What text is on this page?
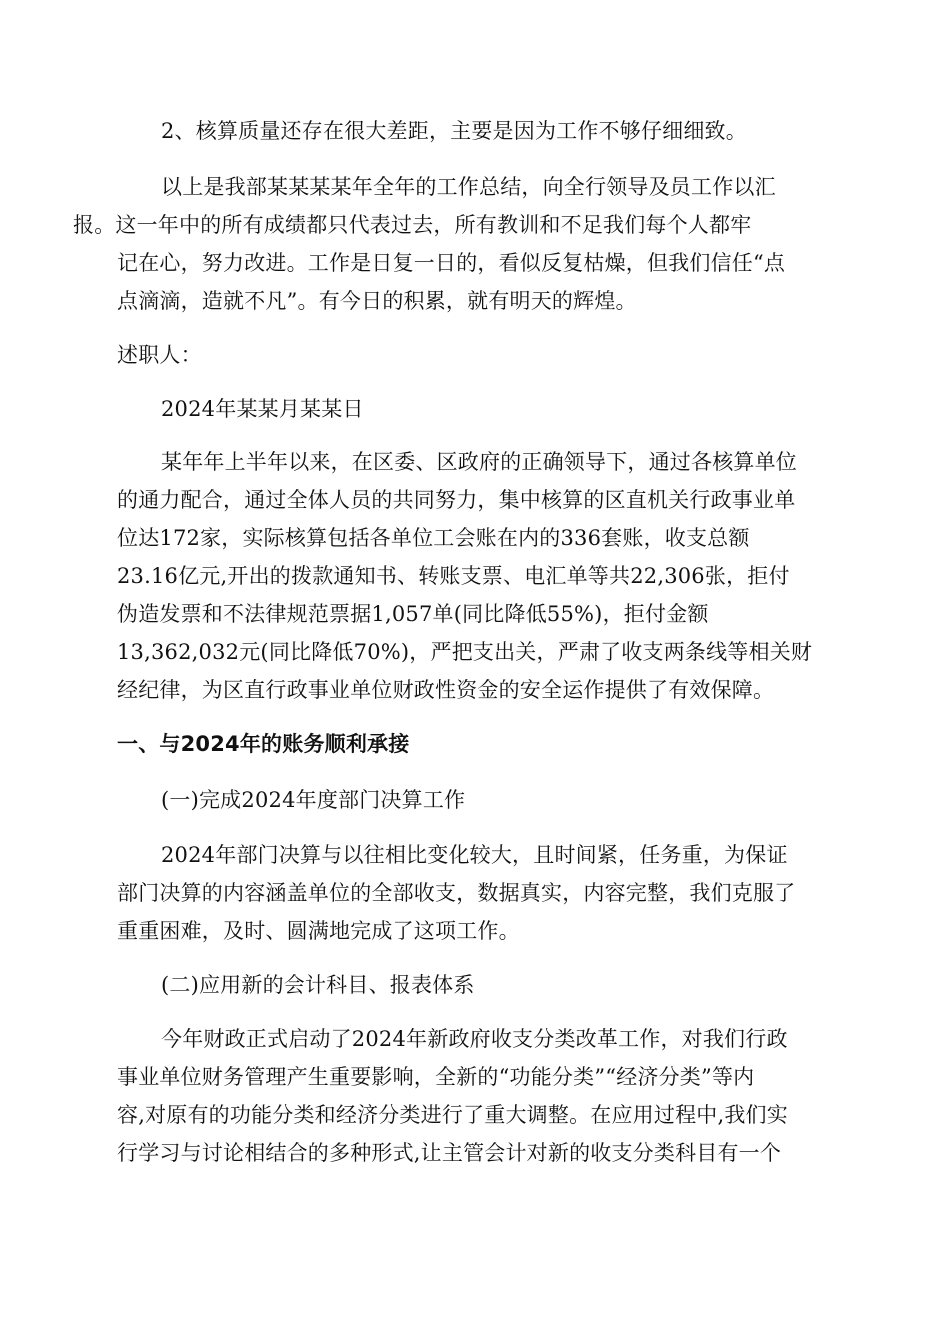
2、核算质量还存在很大差距，主要是因为工作不够仔细细致。

以上是我部某某某某年全年的工作总结，向全行领导及员工作以汇
报。这一年中的所有成绩都只代表过去，所有教训和不足我们每个人都牢
记在心，努力改进。工作是日复一日的，看似反复枯燥，但我们信任“点
点滴滴，造就不凡”。有今日的积累，就有明天的辉煌。

述职人：

2024年某某月某某日

某年年上半年以来，在区委、区政府的正确领导下，通过各核算单位
的通力配合，通过全体人员的共同努力，集中核算的区直机关行政事业单
位达172家，实际核算包括各单位工会账在内的336套账，收支总额
23.16亿元,开出的拨款通知书、转账支票、电汇单等共22,306张，拒付
伪造发票和不法律规范票据1,057单(同比降低55%)，拒付金额
13,362,032元(同比降低70%)，严把支出关，严肃了收支两条线等相关财
经纪律，为区直行政事业单位财政性资金的安全运作提供了有效保障。

一、与2024年的账务顺利承接

(一)完成2024年度部门决算工作

2024年部门决算与以往相比变化较大，且时间紧，任务重，为保证
部门决算的内容涵盖单位的全部收支，数据真实，内容完整，我们克服了
重重困难，及时、圆满地完成了这项工作。

(二)应用新的会计科目、报表体系

今年财政正式启动了2024年新政府收支分类改革工作，对我们行政
事业单位财务管理产生重要影响，全新的“功能分类”“经济分类”等内
容,对原有的功能分类和经济分类进行了重大调整。在应用过程中,我们实
行学习与讨论相结合的多种形式,让主管会计对新的收支分类科目有一个
